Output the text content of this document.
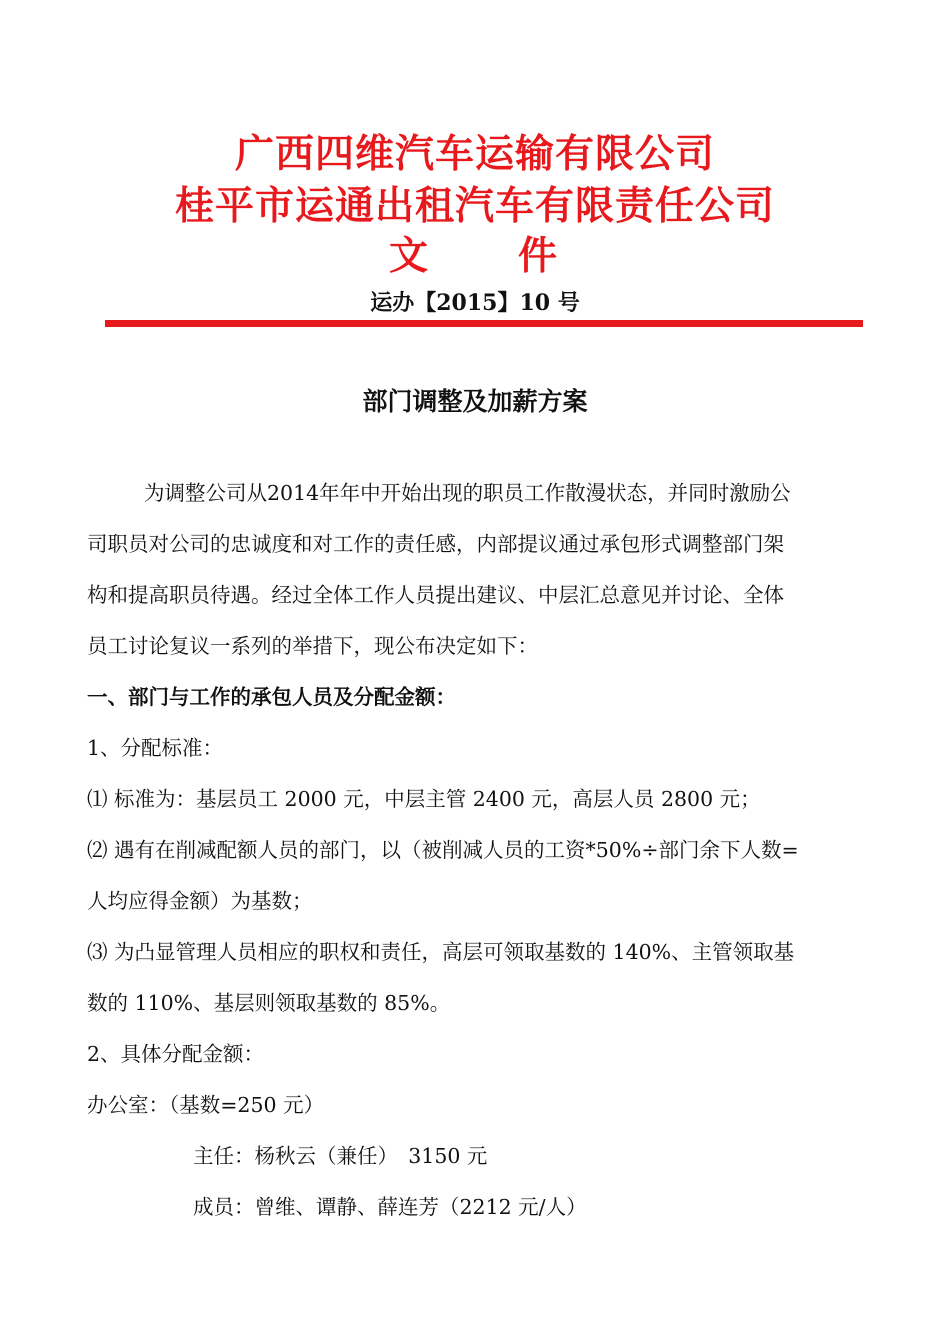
广西四维汽车运输有限公司
桂平市运通出租汽车有限责任公司
文　　件
运办【2015】10 号
部门调整及加薪方案
为调整公司从2014年年中开始出现的职员工作散漫状态，并同时激励公
司职员对公司的忠诚度和对工作的责任感，内部提议通过承包形式调整部门架
构和提高职员待遇。经过全体工作人员提出建议、中层汇总意见并讨论、全体
员工讨论复议一系列的举措下，现公布决定如下：
一、部门与工作的承包人员及分配金额：
1、分配标准：
⑴ 标准为：基层员工 2000 元，中层主管 2400 元，高层人员 2800 元；
⑵ 遇有在削减配额人员的部门，以（被削减人员的工资*50%÷部门余下人数=
人均应得金额）为基数；
⑶ 为凸显管理人员相应的职权和责任，高层可领取基数的 140%、主管领取基
数的 110%、基层则领取基数的 85%。
2、具体分配金额：
办公室：（基数=250 元）
主任：杨秋云（兼任）　3150 元
成员：曾维、谭静、薛连芳（2212 元/人）
